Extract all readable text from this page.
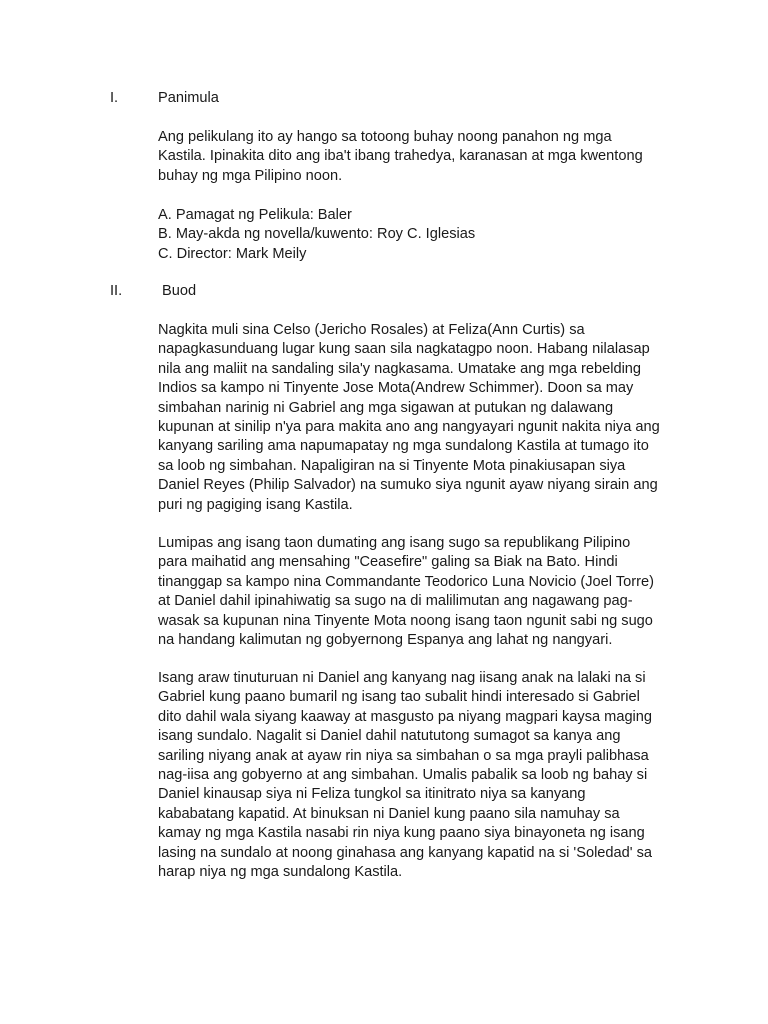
I.	Panimula
Ang pelikulang ito ay hango sa totoong buhay noong panahon ng mga
Kastila. Ipinakita dito ang iba't ibang trahedya, karanasan at mga kwentong
buhay ng mga Pilipino noon.
A. Pamagat ng Pelikula: Baler
B. May-akda ng novella/kuwento: Roy C. Iglesias
C. Director: Mark Meily
II.	Buod
Nagkita muli sina Celso (Jericho Rosales) at Feliza(Ann Curtis) sa
napagkasunduang lugar kung saan sila nagkatagpo noon. Habang nilalasap
nila ang maliit na sandaling sila'y nagkasama. Umatake ang mga rebelding
Indios sa kampo ni Tinyente Jose Mota(Andrew Schimmer). Doon sa may
simbahan narinig ni Gabriel ang mga sigawan at putukan ng dalawang
kupunan at sinilip n'ya para makita ano ang nangyayari ngunit nakita niya ang
kanyang sariling ama napumapatay ng mga sundalong Kastila at tumago ito
sa loob ng simbahan. Napaligiran na si Tinyente Mota pinakiusapan siya
Daniel Reyes (Philip Salvador) na sumuko siya ngunit ayaw niyang sirain ang
puri ng pagiging isang Kastila.
Lumipas ang isang taon dumating ang isang sugo sa republikang Pilipino
para maihatid ang mensahing "Ceasefire" galing sa Biak na Bato. Hindi
tinanggap sa kampo nina Commandante Teodorico Luna Novicio (Joel Torre)
at Daniel dahil ipinahiwatig sa sugo na di malilimutan ang nagawang pag-
wasak sa kupunan nina Tinyente Mota noong isang taon ngunit sabi ng sugo
na handang kalimutan ng gobyernong Espanya ang lahat ng nangyari.
Isang araw tinuturuan ni Daniel ang kanyang nag iisang anak na lalaki na si
Gabriel kung paano bumaril ng isang tao subalit hindi interesado si Gabriel
dito dahil wala siyang kaaway at masgusto pa niyang magpari kaysa maging
isang sundalo. Nagalit si Daniel dahil natututong sumagot sa kanya ang
sariling niyang anak at ayaw rin niya sa simbahan o sa mga prayli palibhasa
nag-iisa ang gobyerno at ang simbahan. Umalis pabalik sa loob ng bahay si
Daniel kinausap siya ni Feliza tungkol sa itinitrato niya sa kanyang
kababatang kapatid. At binuksan ni Daniel kung paano sila namuhay sa
kamay ng mga Kastila nasabi rin niya kung paano siya binayoneta ng isang
lasing na sundalo at noong ginahasa ang kanyang kapatid na si 'Soledad' sa
harap niya ng mga sundalong Kastila.
